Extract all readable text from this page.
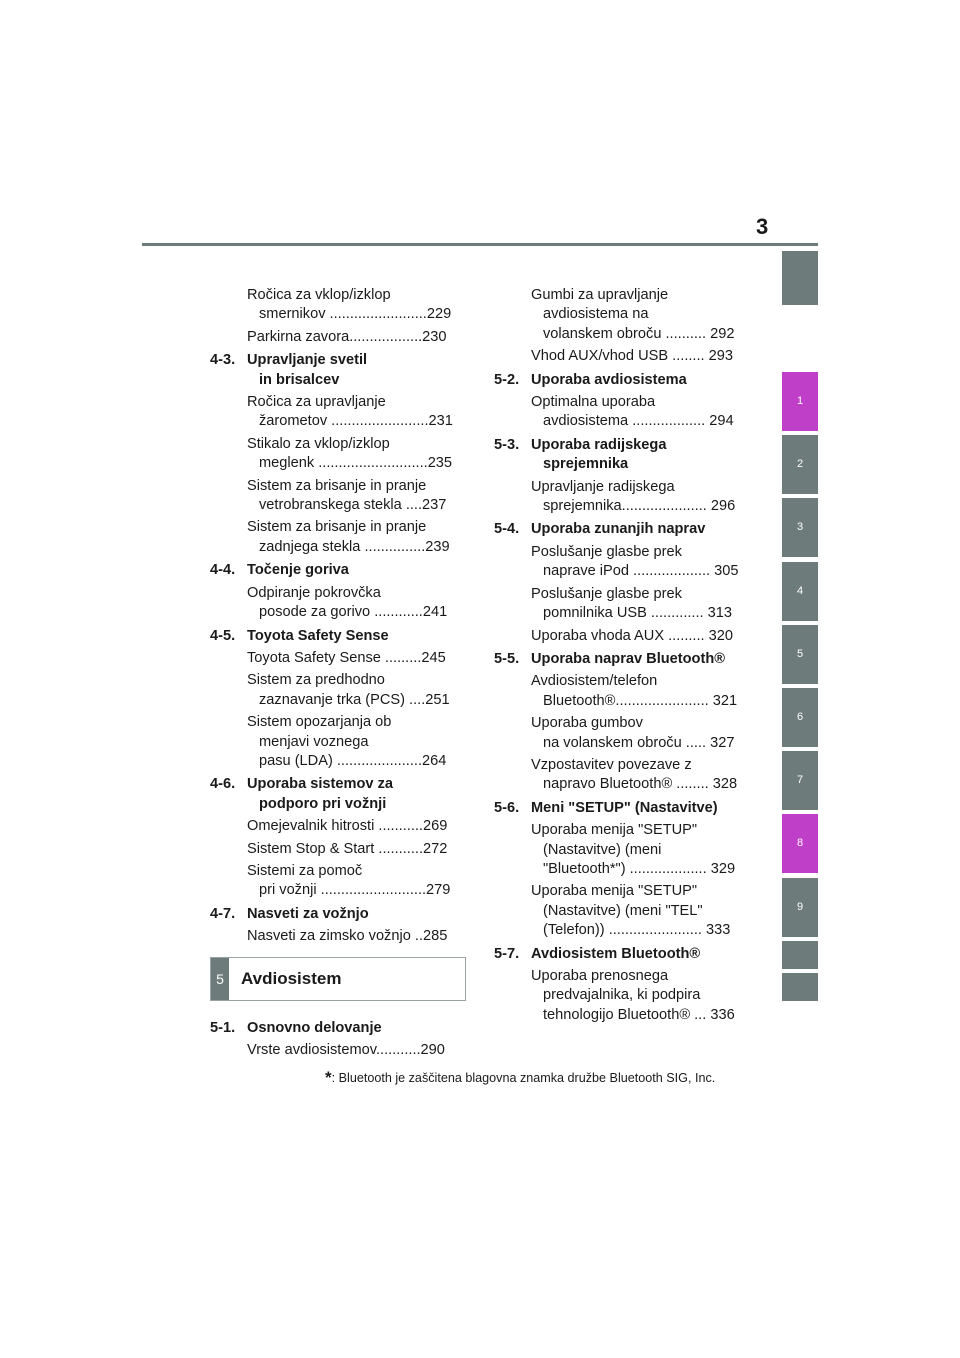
3
Ročica za vklop/izklop
smernikov ........................229
Parkirna zavora..................230
4-3. Upravljanje svetil
in brisalcev
Ročica za upravljanje
žarometov ........................231
Stikalo za vklop/izklop
meglenk ...........................235
Sistem za brisanje in pranje
vetrobranskega stekla ....237
Sistem za brisanje in pranje
zadnjega stekla ...............239
4-4. Točenje goriva
Odpiranje pokrovčka
posode za gorivo ............241
4-5. Toyota Safety Sense
Toyota Safety Sense .........245
Sistem za predhodno
zaznavanje trka (PCS) ....251
Sistem opozarjanja ob
menjavi voznega
pasu (LDA) .....................264
4-6. Uporaba sistemov za
podporo pri vožnji
Omejevalnik hitrosti ...........269
Sistem Stop & Start ...........272
Sistemi za pomoč
pri vožnji ..........................279
4-7. Nasveti za vožnjo
Nasveti za zimsko vožnjo ..285
5	Avdiosistem
5-1. Osnovno delovanje
Vrste avdiosistemov...........290
Gumbi za upravljanje
avdiosistema na
volanskem obroču .......... 292
Vhod AUX/vhod USB ........ 293
5-2. Uporaba avdiosistema
Optimalna uporaba
avdiosistema .................. 294
5-3. Uporaba radijskega
sprejemnika
Upravljanje radijskega
sprejemnika..................... 296
5-4. Uporaba zunanjih naprav
Poslušanje glasbe prek
naprave iPod ................... 305
Poslušanje glasbe prek
pomnilnika USB ............. 313
Uporaba vhoda AUX ......... 320
5-5. Uporaba naprav Bluetooth®
Avdiosistem/telefon
Bluetooth®....................... 321
Uporaba gumbov
na volanskem obroču ..... 327
Vzpostavitev povezave z
napravo Bluetooth® ........ 328
5-6. Meni "SETUP" (Nastavitve)
Uporaba menija "SETUP"
(Nastavitve) (meni
"Bluetooth*") ................... 329
Uporaba menija "SETUP"
(Nastavitve) (meni "TEL"
(Telefon)) ....................... 333
5-7. Avdiosistem Bluetooth®
Uporaba prenosnega
predvajalnika, ki podpira
tehnologijo Bluetooth® ... 336
1
2
3
4
5
6
7
8
9
*: Bluetooth je zaščitena blagovna znamka družbe Bluetooth SIG, Inc.
